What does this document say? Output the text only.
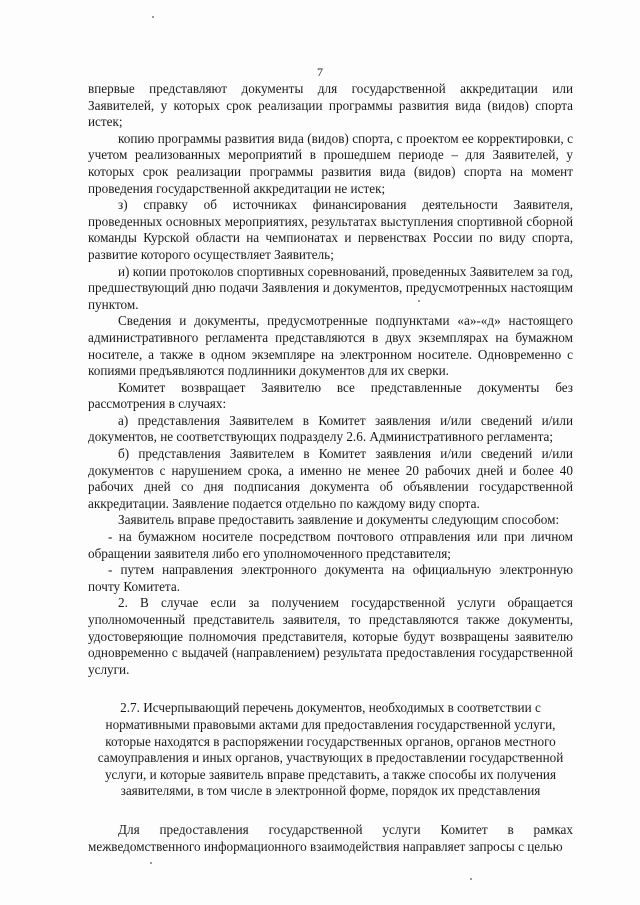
7

впервые представляют документы для государственной аккредитации или Заявителей, у которых срок реализации программы развития вида (видов) спорта истек;

копию программы развития вида (видов) спорта, с проектом ее корректировки, с учетом реализованных мероприятий в прошедшем периоде – для Заявителей, у которых срок реализации программы развития вида (видов) спорта на момент проведения государственной аккредитации не истек;

з) справку об источниках финансирования деятельности Заявителя, проведенных основных мероприятиях, результатах выступления спортивной сборной команды Курской области на чемпионатах и первенствах России по виду спорта, развитие которого осуществляет Заявитель;

и) копии протоколов спортивных соревнований, проведенных Заявителем за год, предшествующий дню подачи Заявления и документов, предусмотренных настоящим пунктом.

Сведения и документы, предусмотренные подпунктами «а»-«д» настоящего административного регламента представляются в двух экземплярах на бумажном носителе, а также в одном экземпляре на электронном носителе. Одновременно с копиями предъявляются подлинники документов для их сверки.

Комитет возвращает Заявителю все представленные документы без рассмотрения в случаях:

а) представления Заявителем в Комитет заявления и/или сведений и/или документов, не соответствующих подразделу 2.6. Административного регламента;

б) представления Заявителем в Комитет заявления и/или сведений и/или документов с нарушением срока, а именно не менее 20 рабочих дней и более 40 рабочих дней со дня подписания документа об объявлении государственной аккредитации. Заявление подается отдельно по каждому виду спорта.

Заявитель вправе предоставить заявление и документы следующим способом:

- на бумажном носителе посредством почтового отправления или при личном обращении заявителя либо его уполномоченного представителя;

- путем направления электронного документа на официальную электронную почту Комитета.

2. В случае если за получением государственной услуги обращается уполномоченный представитель заявителя, то представляются также документы, удостоверяющие полномочия представителя, которые будут возвращены заявителю одновременно с выдачей (направлением) результата предоставления государственной услуги.

2.7. Исчерпывающий перечень документов, необходимых в соответствии с нормативными правовыми актами для предоставления государственной услуги, которые находятся в распоряжении государственных органов, органов местного самоуправления и иных органов, участвующих в предоставлении государственной услуги, и которые заявитель вправе представить, а также способы их получения заявителями, в том числе в электронной форме, порядок их представления

Для предоставления государственной услуги Комитет в рамках межведомственного информационного взаимодействия направляет запросы с целью
